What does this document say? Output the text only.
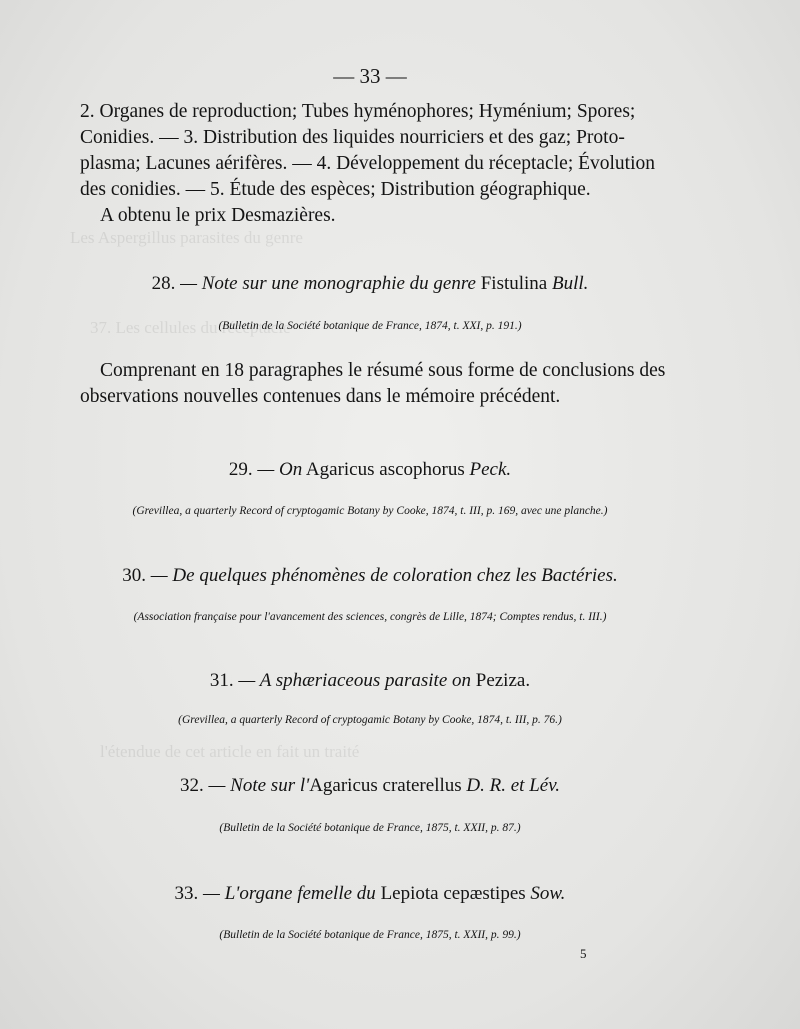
Les Aspergillus parasites du genre
37. Les cellules du réceptacle
l'étendue de cet article en fait un traité
— 33 —
2. Organes de reproduction; Tubes hyménophores; Hyménium; Spores;
Conidies. — 3. Distribution des liquides nourriciers et des gaz; Proto-
plasma; Lacunes aérifères. — 4. Développement du réceptacle; Évolution
des conidies. — 5. Étude des espèces; Distribution géographique.
A obtenu le prix Desmazières.
28. — Note sur une monographie du genre Fistulina Bull.
(Bulletin de la Société botanique de France, 1874, t. XXI, p. 191.)
Comprenant en 18 paragraphes le résumé sous forme de conclusions des
observations nouvelles contenues dans le mémoire précédent.
29. — On Agaricus ascophorus Peck.
(Grevillea, a quarterly Record of cryptogamic Botany by Cooke, 1874, t. III, p. 169, avec une planche.)
30. — De quelques phénomènes de coloration chez les Bactéries.
(Association française pour l'avancement des sciences, congrès de Lille, 1874; Comptes rendus, t. III.)
31. — A sphæriaceous parasite on Peziza.
(Grevillea, a quarterly Record of cryptogamic Botany by Cooke, 1874, t. III, p. 76.)
32. — Note sur l'Agaricus craterellus D. R. et Lév.
(Bulletin de la Société botanique de France, 1875, t. XXII, p. 87.)
33. — L'organe femelle du Lepiota cepæstipes Sow.
(Bulletin de la Société botanique de France, 1875, t. XXII, p. 99.)
5
